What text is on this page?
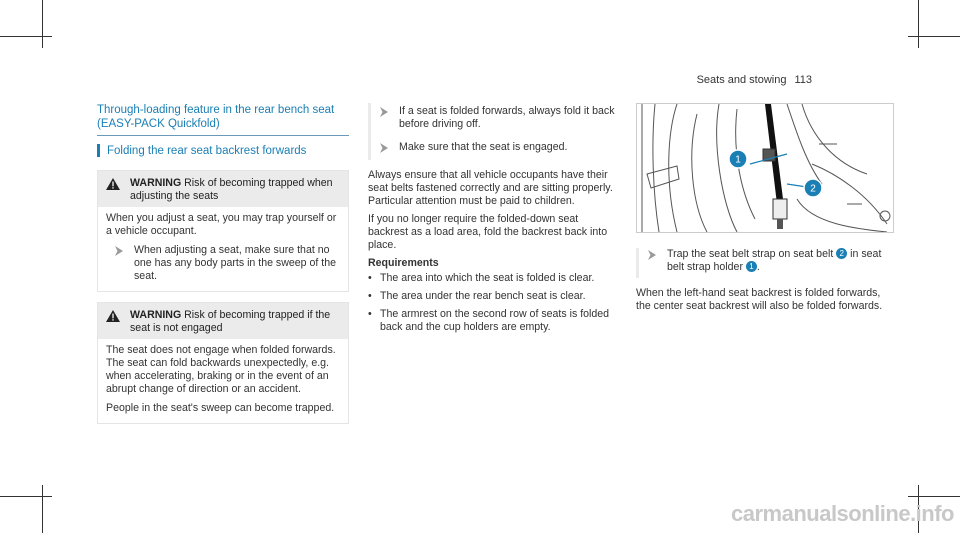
Seats and stowing 113
Through-loading feature in the rear bench seat
(EASY-PACK Quickfold)
Folding the rear seat backrest forwards
WARNING Risk of becoming trapped when adjusting the seats

When you adjust a seat, you may trap yourself or a vehicle occupant.

When adjusting a seat, make sure that no one has any body parts in the sweep of the seat.
WARNING Risk of becoming trapped if the seat is not engaged

The seat does not engage when folded forwards. The seat can fold backwards unexpectedly, e.g. when accelerating, braking or in the event of an abrupt change of direction or an accident.

People in the seat's sweep can become trapped.

If a seat is folded forwards, always fold it back before driving off.
Make sure that the seat is engaged.

Always ensure that all vehicle occupants have their seat belts fastened correctly and are sitting properly. Particular attention must be paid to children.

If you no longer require the folded-down seat backrest as a load area, fold the backrest back into place.

Requirements
• The area into which the seat is folded is clear.
• The area under the rear bench seat is clear.
• The armrest on the second row of seats is folded back and the cup holders are empty.
1
2
Trap the seat belt strap on seat belt 2 in seat belt strap holder 1 .

When the left-hand seat backrest is folded forwards, the center seat backrest will also be folded forwards.

carmanualsonline.info
